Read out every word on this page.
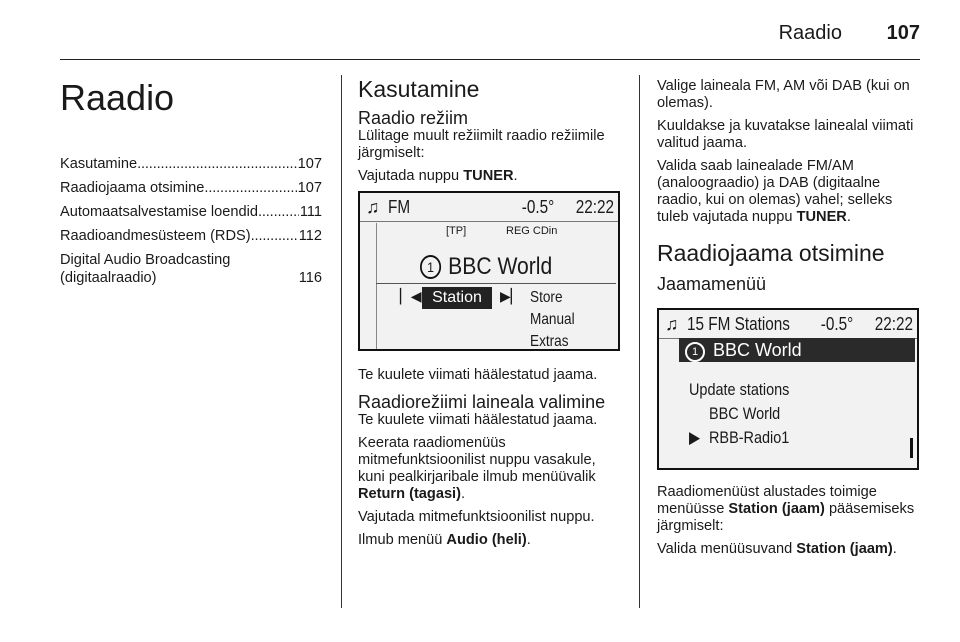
Raadio 107
Raadio
Kasutamine . . .	107
Raadiojaama otsimine . . .	107
Automaatsalvestamise loendid . . .	111
Raadioandmesüsteem (RDS) . . .	112
Digital Audio Broadcasting
(digitaalraadio)	116
Kasutamine
Raadio režiim

Lülitage muult režiimilt raadio režiimile järgmiselt:

Vajutada nuppu TUNER.

♫ FM	-0.5° 22:22
[TP]	REG CDin
1 BBC World
▏◀ Station	▶▏ Store
Manual
Extras

Te kuulete viimati häälestatud jaama.

Raadiorežiimi laineala valimine

Te kuulete viimati häälestatud jaama.

Keerata raadiomenüüs mitmefunktsioonilist nuppu vasakule, kuni pealkirjaribale ilmub menüüvalik Return (tagasi).

Vajutada mitmefunktsioonilist nuppu.

Ilmub menüü Audio (heli).

Valige laineala FM, AM või DAB (kui on olemas).

Kuuldakse ja kuvatakse lainealal viimati valitud jaama.

Valida saab lainealade FM/AM (analoograadio) ja DAB (digitaalne raadio, kui on olemas) vahel; selleks tuleb vajutada nuppu TUNER.

Raadiojaama otsimine
Jaamamenüü
♫ 15 FM Stations -0.5° 22:22
1 BBC World
Update stations
BBC World
▶ RBB-Radio1

Raadiomenüüst alustades toimige menüüsse Station (jaam) pääsemiseks järgmiselt:

Valida menüüsuvand Station (jaam).
